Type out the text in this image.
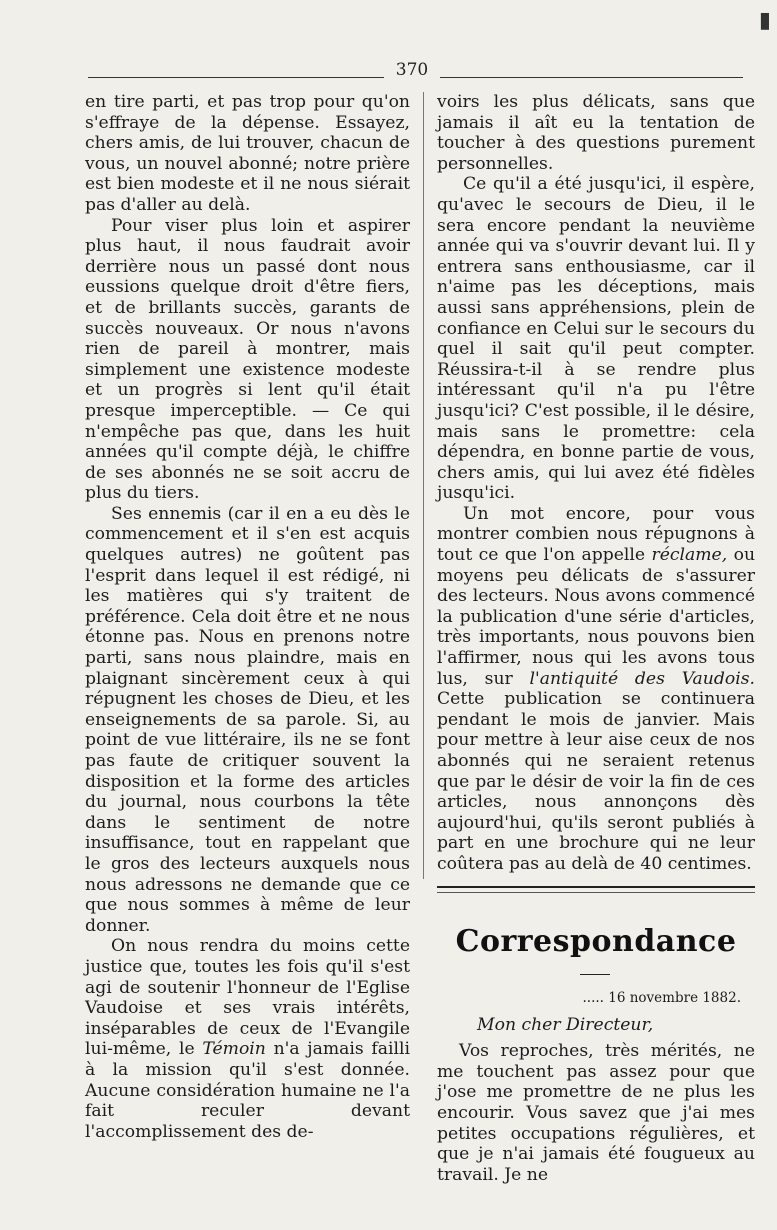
▮
370

en tire parti, et pas trop pour qu'on s'effraye de la dépense. Essayez, chers amis, de lui trouver, chacun de vous, un nouvel abonné; notre prière est bien modeste et il ne nous siérait pas d'aller au delà.

Pour viser plus loin et aspirer plus haut, il nous faudrait avoir derrière nous un passé dont nous eussions quelque droit d'être fiers, et de brillants succès, garants de succès nouveaux. Or nous n'avons rien de pareil à montrer, mais simplement une existence modeste et un progrès si lent qu'il était presque imperceptible. — Ce qui n'empêche pas que, dans les huit années qu'il compte déjà, le chiffre de ses abonnés ne se soit accru de plus du tiers.

Ses ennemis (car il en a eu dès le commencement et il s'en est acquis quelques autres) ne goûtent pas l'esprit dans lequel il est rédigé, ni les matières qui s'y traitent de préférence. Cela doit être et ne nous étonne pas. Nous en prenons notre parti, sans nous plaindre, mais en plaignant sincèrement ceux à qui répugnent les choses de Dieu, et les enseignements de sa parole. Si, au point de vue littéraire, ils ne se font pas faute de critiquer souvent la disposition et la forme des articles du journal, nous courbons la tête dans le sentiment de notre insuffisance, tout en rappelant que le gros des lecteurs auxquels nous nous adressons ne demande que ce que nous sommes à même de leur donner.

On nous rendra du moins cette justice que, toutes les fois qu'il s'est agi de soutenir l'honneur de l'Eglise Vaudoise et ses vrais intérêts, inséparables de ceux de l'Evangile lui-même, le Témoin n'a jamais failli à la mission qu'il s'est donnée. Aucune considération humaine ne l'a fait reculer devant l'accomplissement des de-

voirs les plus délicats, sans que jamais il aît eu la tentation de toucher à des questions purement personnelles.

Ce qu'il a été jusqu'ici, il espère, qu'avec le secours de Dieu, il le sera encore pendant la neuvième année qui va s'ouvrir devant lui. Il y entrera sans enthousiasme, car il n'aime pas les déceptions, mais aussi sans appréhensions, plein de confiance en Celui sur le secours du quel il sait qu'il peut compter. Réussira-t-il à se rendre plus intéressant qu'il n'a pu l'être jusqu'ici? C'est possible, il le désire, mais sans le promettre: cela dépendra, en bonne partie de vous, chers amis, qui lui avez été fidèles jusqu'ici.

Un mot encore, pour vous montrer combien nous répugnons à tout ce que l'on appelle réclame, ou moyens peu délicats de s'assurer des lecteurs. Nous avons commencé la publication d'une série d'articles, très importants, nous pouvons bien l'affirmer, nous qui les avons tous lus, sur l'antiquité des Vaudois. Cette publication se continuera pendant le mois de janvier. Mais pour mettre à leur aise ceux de nos abonnés qui ne seraient retenus que par le désir de voir la fin de ces articles, nous annonçons dès aujourd'hui, qu'ils seront publiés à part en une brochure qui ne leur coûtera pas au delà de 40 centimes.

Correspondance
..... 16 novembre 1882.
Mon cher Directeur,

Vos reproches, très mérités, ne me touchent pas assez pour que j'ose me promettre de ne plus les encourir. Vous savez que j'ai mes petites occupations régulières, et que je n'ai jamais été fougueux au travail. Je ne
